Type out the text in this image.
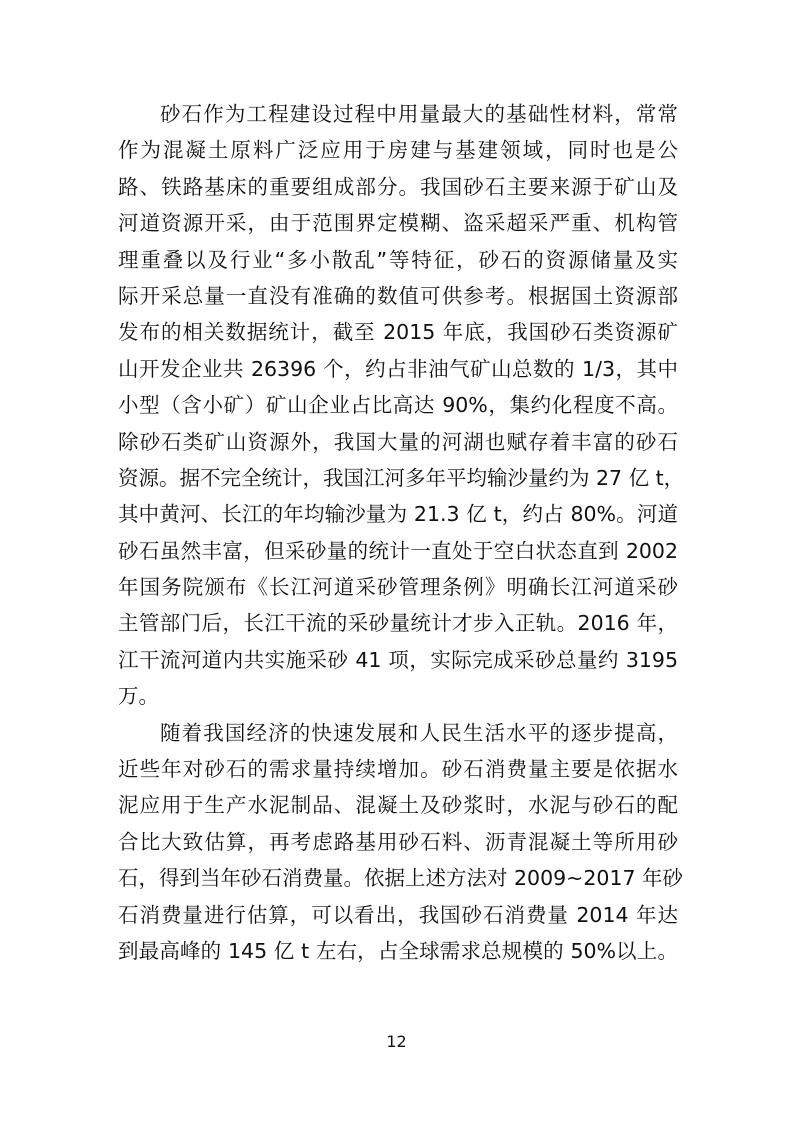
砂石作为工程建设过程中用量最大的基础性材料，常常
作为混凝土原料广泛应用于房建与基建领域，同时也是公
路、铁路基床的重要组成部分。我国砂石主要来源于矿山及
河道资源开采，由于范围界定模糊、盗采超采严重、机构管
理重叠以及行业“多小散乱”等特征，砂石的资源储量及实
际开采总量一直没有准确的数值可供参考。根据国土资源部
发布的相关数据统计，截至 2015 年底，我国砂石类资源矿
山开发企业共 26396 个，约占非油气矿山总数的 1/3，其中
小型（含小矿）矿山企业占比高达 90%，集约化程度不高。
除砂石类矿山资源外，我国大量的河湖也赋存着丰富的砂石
资源。据不完全统计，我国江河多年平均输沙量约为 27 亿 t，
其中黄河、长江的年均输沙量为 21.3 亿 t，约占 80%。河道
砂石虽然丰富，但采砂量的统计一直处于空白状态直到 2002
年国务院颁布《长江河道采砂管理条例》明确长江河道采砂
主管部门后，长江干流的采砂量统计才步入正轨。2016 年，
江干流河道内共实施采砂 41 项，实际完成采砂总量约 3195
万。
随着我国经济的快速发展和人民生活水平的逐步提高，
近些年对砂石的需求量持续增加。砂石消费量主要是依据水
泥应用于生产水泥制品、混凝土及砂浆时，水泥与砂石的配
合比大致估算，再考虑路基用砂石料、沥青混凝土等所用砂
石，得到当年砂石消费量。依据上述方法对 2009~2017 年砂
石消费量进行估算，可以看出，我国砂石消费量 2014 年达
到最高峰的 145 亿 t 左右，占全球需求总规模的 50%以上。
12
